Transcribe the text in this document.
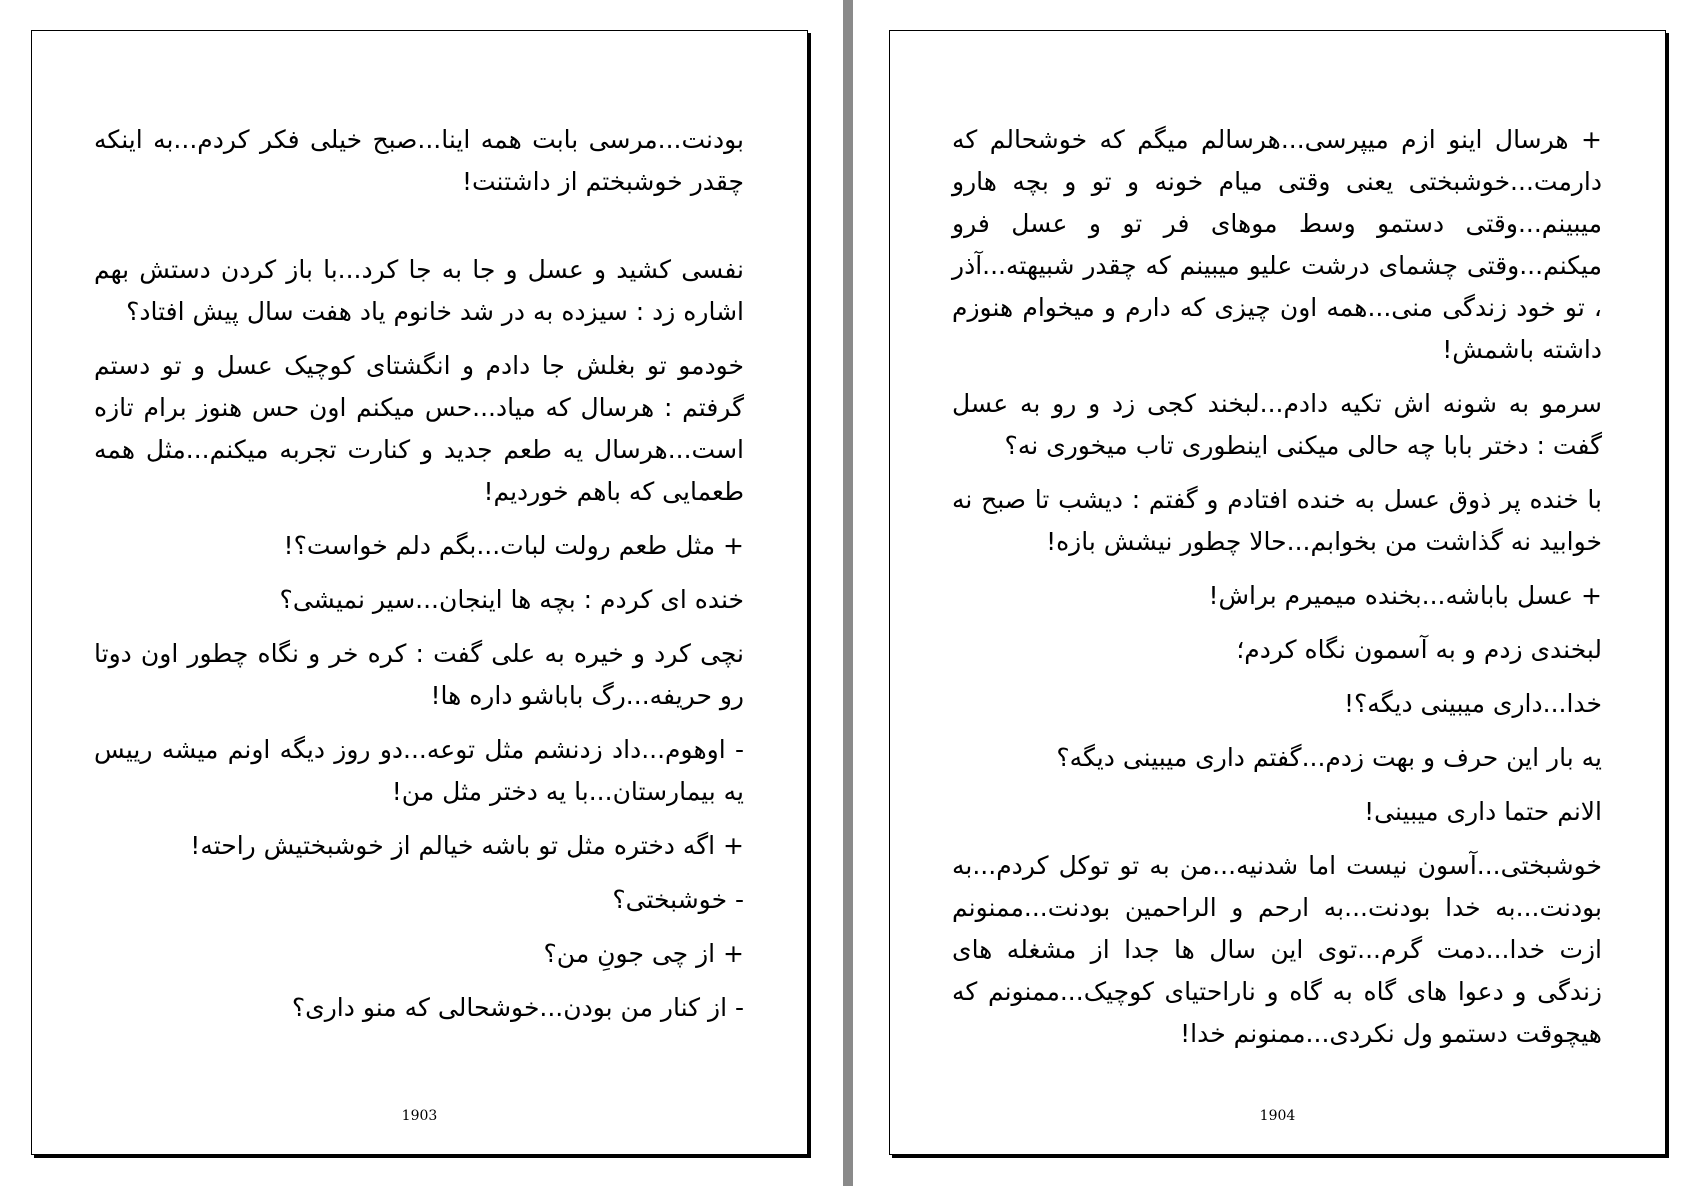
بودنت...مرسی بابت همه اینا...صبح خیلی فکر کردم...به اینکه چقدر خوشبختم از داشتنت!

نفسی کشید و عسل و جا به جا کرد...با باز کردن دستش بهم اشاره زد : سیزده به در شد خانوم یاد هفت سال پیش افتاد؟

خودمو تو بغلش جا دادم و انگشتای کوچیک عسل و تو دستم گرفتم : هرسال که میاد...حس میکنم اون حس هنوز برام تازه است...هرسال یه طعم جدید و کنارت تجربه میکنم...مثل همه طعمایی که باهم خوردیم!

+ مثل طعم رولت لبات...بگم دلم خواست؟!

خنده ای کردم : بچه ها اینجان...سیر نمیشی؟

نچی کرد و خیره به علی گفت : کره خر و نگاه چطور اون دوتا رو حریفه...رگ باباشو داره ها!

- اوهوم...داد زدنشم مثل توعه...دو روز دیگه اونم میشه رییس یه بیمارستان...با یه دختر مثل من!

+ اگه دختره مثل تو باشه خیالم از خوشبختیش راحته!

- خوشبختی؟

+ از چی جونِ من؟

- از کنار من بودن...خوشحالی که منو داری؟

1903

+ هرسال اینو ازم میپرسی...هرسالم میگم که خوشحالم که دارمت...خوشبختی یعنی وقتی میام خونه و تو و بچه هارو میبینم...وقتی دستمو وسط موهای فر تو و عسل فرو میکنم...وقتی چشمای درشت علیو میبینم که چقدر شبیهته...آذر ، تو خود زندگی منی...همه اون چیزی که دارم و میخوام هنوزم داشته باشمش!

سرمو به شونه اش تکیه دادم...لبخند کجی زد و رو به عسل گفت : دختر بابا چه حالی میکنی اینطوری تاب میخوری نه؟

با خنده پر ذوق عسل به خنده افتادم و گفتم : دیشب تا صبح نه خوابید نه گذاشت من بخوابم...حالا چطور نیشش بازه!

+ عسل باباشه...بخنده میمیرم براش!

لبخندی زدم و به آسمون نگاه کردم؛

خدا...داری میبینی دیگه؟!

یه بار این حرف و بهت زدم...گفتم داری میبینی دیگه؟

الانم حتما داری میبینی!

خوشبختی...آسون نیست اما شدنیه...من به تو توکل کردم...به بودنت...به خدا بودنت...به ارحم و الراحمین بودنت...ممنونم ازت خدا...دمت گرم...توی این سال ها جدا از مشغله های زندگی و دعوا های گاه به گاه و ناراحتیای کوچیک...ممنونم که هیچوقت دستمو ول نکردی...ممنونم خدا!

1904
